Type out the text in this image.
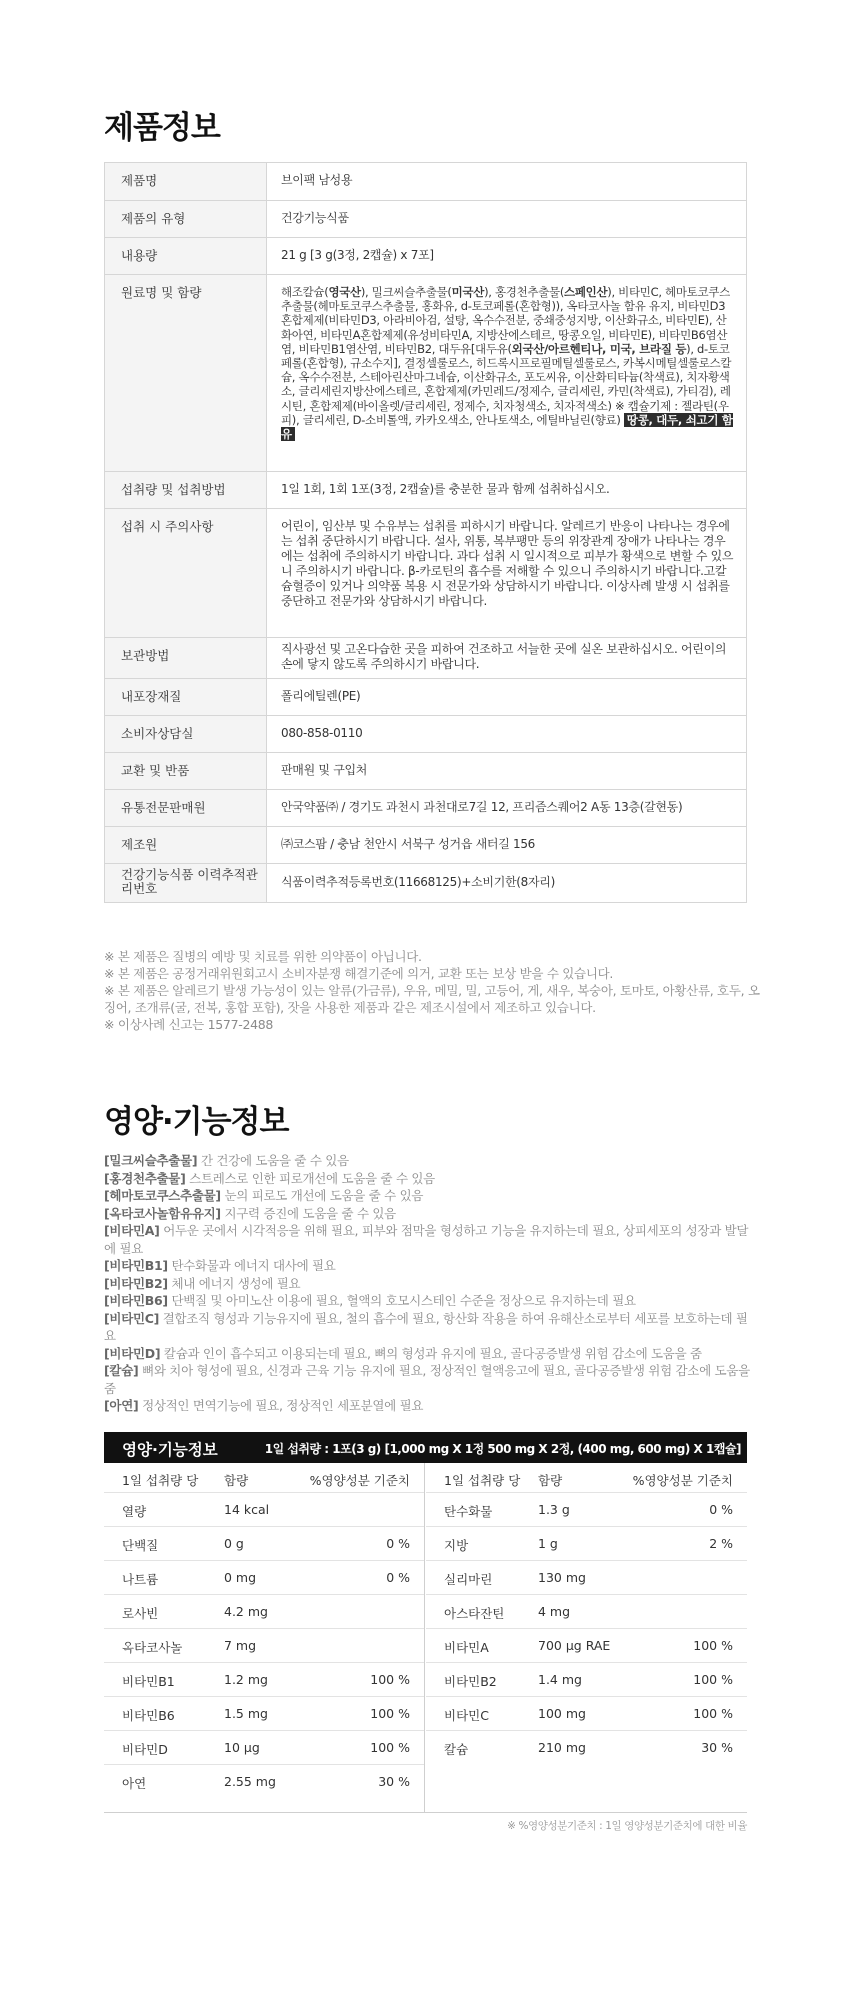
제품정보
제품명	브이팩 남성용
제품의 유형	건강기능식품
내용량	21 g [3 g(3정, 2캡슐) x 7포]
원료명 및 함량	해조칼슘(영국산), 밀크씨슬추출물(미국산), 홍경천추출물(스페인산), 비타민C, 헤마토코쿠스추출물(헤마토코쿠스추출물, 홍화유, d-토코페롤(혼합형)), 옥타코사놀 함유 유지, 비타민D3혼합제제(비타민D3, 아라비아검, 설탕, 옥수수전분, 중쇄중성지방, 이산화규소, 비타민E), 산화아연, 비타민A혼합제제(유성비타민A, 지방산에스테르, 땅콩오일, 비타민E), 비타민B6염산염, 비타민B1염산염, 비타민B2, 대두유[대두유(외국산/아르헨티나, 미국, 브라질 등), d-토코페롤(혼합형), 규소수지], 결정셀룰로스, 히드록시프로필메틸셀룰로스, 카복시메틸셀룰로스칼슘, 옥수수전분, 스테아린산마그네슘, 이산화규소, 포도씨유, 이산화티타늄(착색료), 치자황색소, 글리세린지방산에스테르, 혼합제제(카민레드/정제수, 글리세린, 카민(착색료), 가티검), 레시틴, 혼합제제(바이올렛/글리세린, 정제수, 치자청색소, 치자적색소) ※ 캡슐기제 : 젤라틴(우피), 글리세린, D-소비톨액, 카카오색소, 안나토색소, 에틸바닐린(향료) 땅콩, 대두, 쇠고기 함유
섭취량 및 섭취방법	1일 1회, 1회 1포(3정, 2캡슐)를 충분한 물과 함께 섭취하십시오.
섭취 시 주의사항	어린이, 임산부 및 수유부는 섭취를 피하시기 바랍니다. 알레르기 반응이 나타나는 경우에는 섭취 중단하시기 바랍니다. 설사, 위통, 복부팽만 등의 위장관계 장애가 나타나는 경우에는 섭취에 주의하시기 바랍니다. 과다 섭취 시 일시적으로 피부가 황색으로 변할 수 있으니 주의하시기 바랍니다. β-카로틴의 흡수를 저해할 수 있으니 주의하시기 바랍니다.고칼슘혈증이 있거나 의약품 복용 시 전문가와 상담하시기 바랍니다. 이상사례 발생 시 섭취를 중단하고 전문가와 상담하시기 바랍니다.
보관방법	직사광선 및 고온다습한 곳을 피하여 건조하고 서늘한 곳에 실온 보관하십시오. 어린이의 손에 닿지 않도록 주의하시기 바랍니다.
내포장재질	폴리에틸렌(PE)
소비자상담실	080-858-0110
교환 및 반품	판매원 및 구입처
유통전문판매원	안국약품㈜ / 경기도 과천시 과천대로7길 12, 프리즘스퀘어2 A동 13층(갈현동)
제조원	㈜코스팜 / 충남 천안시 서북구 성거읍 새터길 156
건강기능식품 이력추적관리번호	식품이력추적등록번호(11668125)+소비기한(8자리)
※ 본 제품은 질병의 예방 및 치료를 위한 의약품이 아닙니다.
※ 본 제품은 공정거래위원회고시 소비자분쟁 해결기준에 의거, 교환 또는 보상 받을 수 있습니다.
※ 본 제품은 알레르기 발생 가능성이 있는 알류(가금류), 우유, 메밀, 밀, 고등어, 게, 새우, 복숭아, 토마토, 아황산류, 호두, 오징어, 조개류(굴, 전복, 홍합 포함), 잣을 사용한 제품과 같은 제조시설에서 제조하고 있습니다.
※ 이상사례 신고는 1577-2488
영양·기능정보
[밀크씨슬추출물] 간 건강에 도움을 줄 수 있음
[홍경천추출물] 스트레스로 인한 피로개선에 도움을 줄 수 있음
[헤마토코쿠스추출물] 눈의 피로도 개선에 도움을 줄 수 있음
[옥타코사놀함유유지] 지구력 증진에 도움을 줄 수 있음
[비타민A] 어두운 곳에서 시각적응을 위해 필요, 피부와 점막을 형성하고 기능을 유지하는데 필요, 상피세포의 성장과 발달에 필요
[비타민B1] 탄수화물과 에너지 대사에 필요
[비타민B2] 체내 에너지 생성에 필요
[비타민B6] 단백질 및 아미노산 이용에 필요, 혈액의 호모시스테인 수준을 정상으로 유지하는데 필요
[비타민C] 결합조직 형성과 기능유지에 필요, 철의 흡수에 필요, 항산화 작용을 하여 유해산소로부터 세포를 보호하는데 필요
[비타민D] 칼슘과 인이 흡수되고 이용되는데 필요, 뼈의 형성과 유지에 필요, 골다공증발생 위험 감소에 도움을 줌
[칼슘] 뼈와 치아 형성에 필요, 신경과 근육 기능 유지에 필요, 정상적인 혈액응고에 필요, 골다공증발생 위험 감소에 도움을 줌
[아연] 정상적인 면역기능에 필요, 정상적인 세포분열에 필요
영양·기능정보	1일 섭취량 : 1포(3 g) [1,000 mg X 1정 500 mg X 2정, (400 mg, 600 mg) X 1캡슐]
1일 섭취량 당 함량	%영양성분 기준치
열량	14 kcal
단백질	0 g	0 %
나트륨	0 mg	0 %
로사빈	4.2 mg
옥타코사놀	7 mg
비타민B1	1.2 mg	100 %
비타민B6	1.5 mg	100 %
비타민D	10 μg	100 %
아연	2.55 mg	30 %
1일 섭취량 당 함량	%영양성분 기준치
탄수화물	1.3 g	0 %
지방	1 g	2 %
실리마린	130 mg
아스타잔틴	4 mg
비타민A	700 μg RAE	100 %
비타민B2	1.4 mg	100 %
비타민C	100 mg	100 %
칼슘	210 mg	30 %
※ %영양성분기준치 : 1일 영양성분기준치에 대한 비율
